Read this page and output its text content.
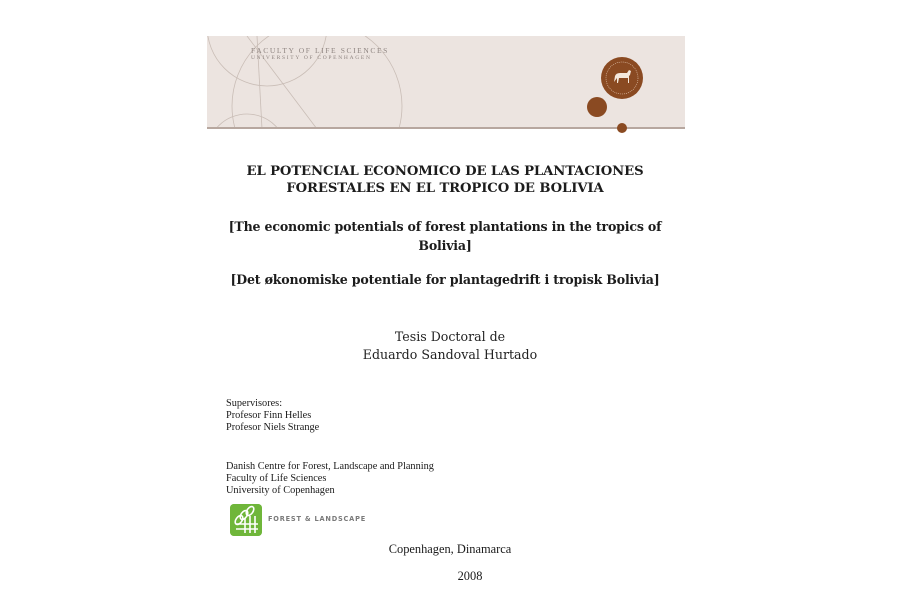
FACULTY OF LIFE SCIENCES
UNIVERSITY OF COPENHAGEN
EL POTENCIAL ECONOMICO DE LAS PLANTACIONES
FORESTALES EN EL TROPICO DE BOLIVIA
[The economic potentials of forest plantations in the tropics of
Bolivia]
[Det økonomiske potentiale for plantagedrift i tropisk Bolivia]
Tesis Doctoral de
Eduardo Sandoval Hurtado
Supervisores:
Profesor Finn Helles
Profesor Niels Strange
Danish Centre for Forest, Landscape and Planning
Faculty of Life Sciences
University of Copenhagen
FOREST & LANDSCAPE
Copenhagen, Dinamarca
2008
